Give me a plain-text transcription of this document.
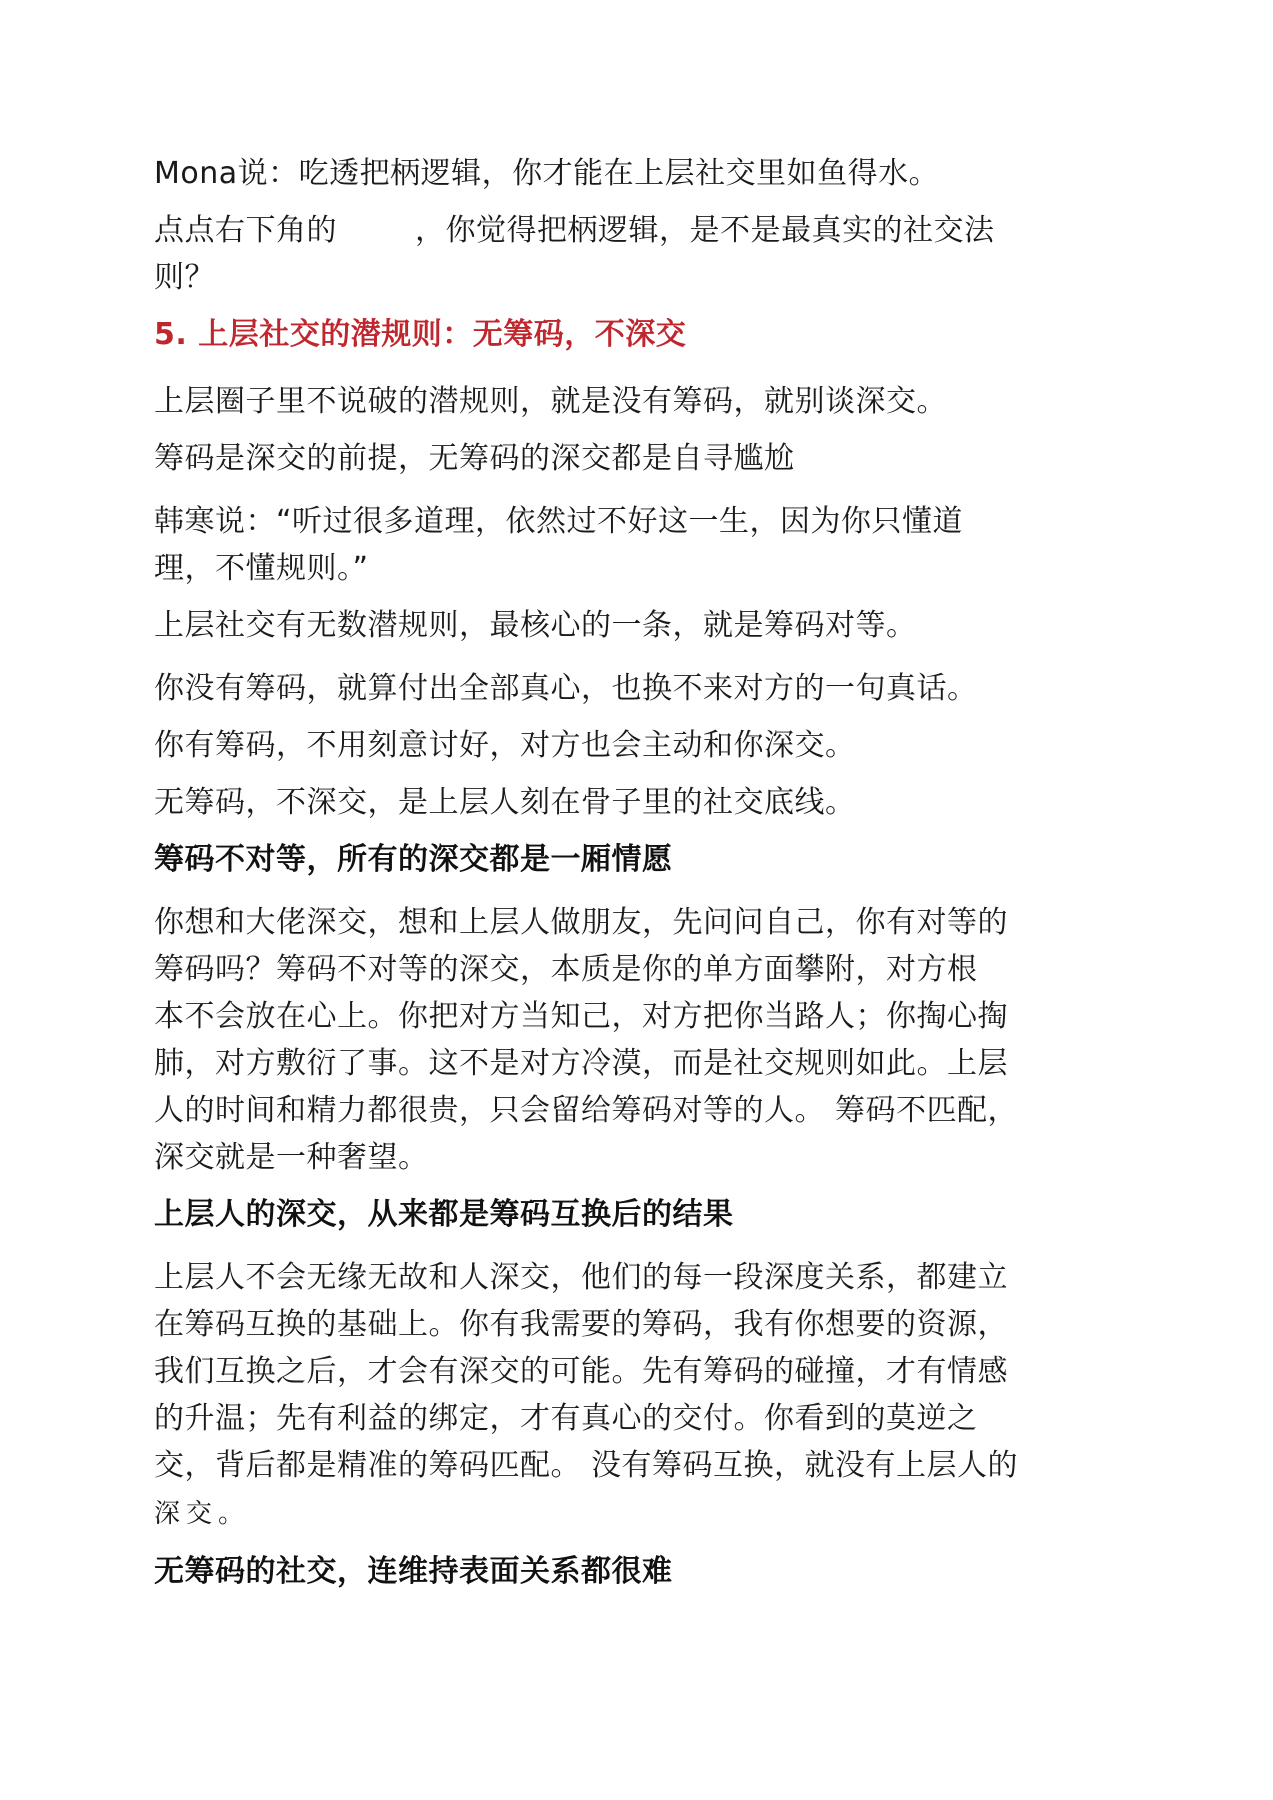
Mona说：吃透把柄逻辑，你才能在上层社交里如鱼得水。

点点右下角的	，你觉得把柄逻辑，是不是最真实的社交法
则？

5. 上层社交的潜规则：无筹码，不深交

上层圈子里不说破的潜规则，就是没有筹码，就别谈深交。

筹码是深交的前提，无筹码的深交都是自寻尴尬

韩寒说：“听过很多道理，依然过不好这一生，因为你只懂道
理，不懂规则。”

上层社交有无数潜规则，最核心的一条，就是筹码对等。

你没有筹码，就算付出全部真心，也换不来对方的一句真话。

你有筹码，不用刻意讨好，对方也会主动和你深交。

无筹码，不深交，是上层人刻在骨子里的社交底线。

筹码不对等，所有的深交都是一厢情愿

你想和大佬深交，想和上层人做朋友，先问问自己，你有对等的
筹码吗？筹码不对等的深交，本质是你的单方面攀附，对方根
本不会放在心上。你把对方当知己，对方把你当路人；你掏心掏
肺，对方敷衍了事。这不是对方冷漠，而是社交规则如此。上层
人的时间和精力都很贵，只会留给筹码对等的人。 筹码不匹配，
深交就是一种奢望。

上层人的深交，从来都是筹码互换后的结果

上层人不会无缘无故和人深交，他们的每一段深度关系，都建立
在筹码互换的基础上。你有我需要的筹码，我有你想要的资源，
我们互换之后，才会有深交的可能。先有筹码的碰撞，才有情感
的升温；先有利益的绑定，才有真心的交付。你看到的莫逆之
交，背后都是精准的筹码匹配。 没有筹码互换，就没有上层人的
深交。

无筹码的社交，连维持表面关系都很难
